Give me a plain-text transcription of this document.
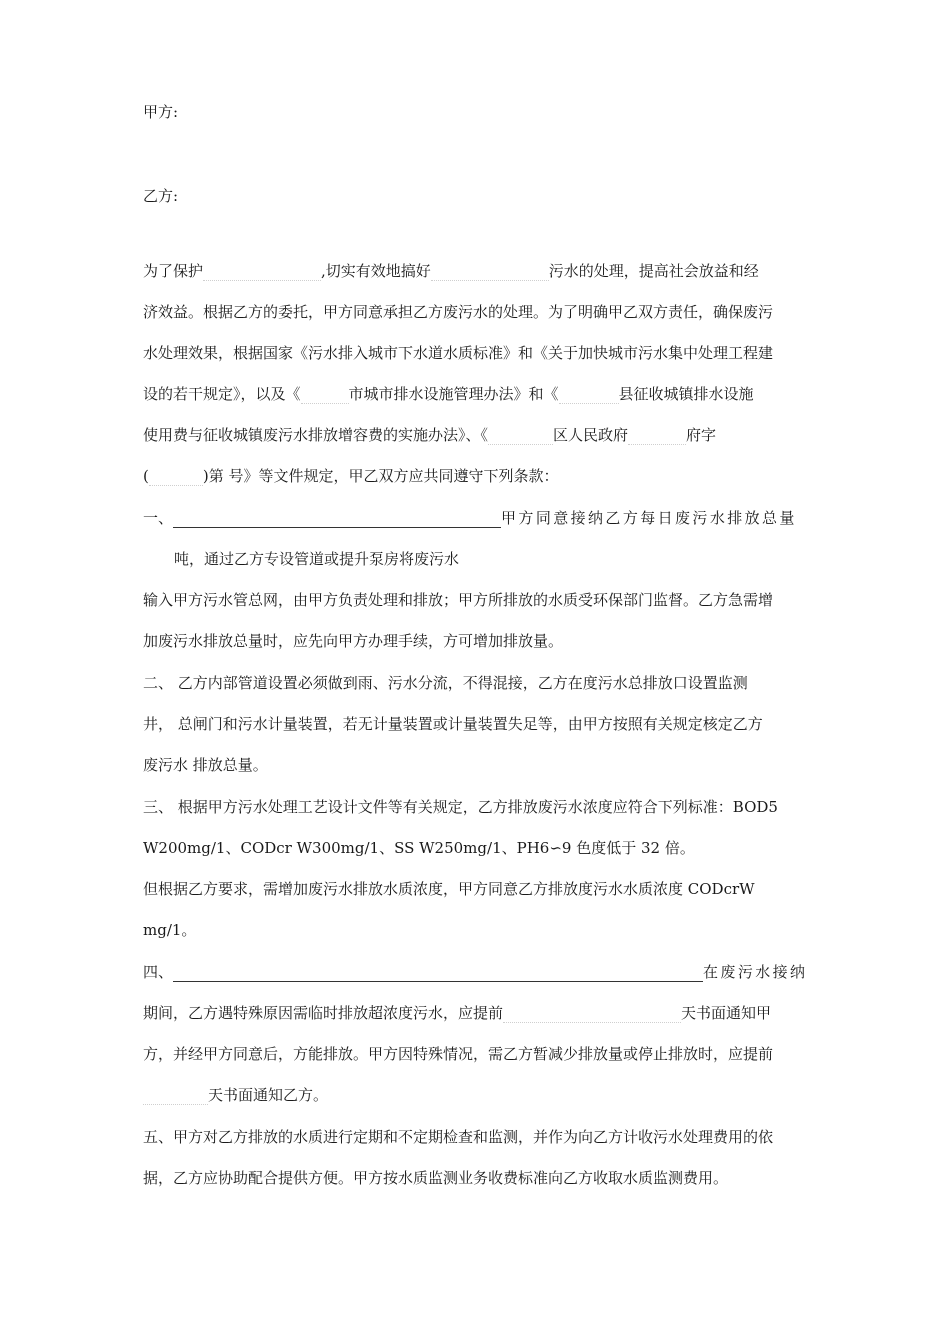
甲方:
乙方:
为了保护	,切实有效地搞好	污水的处理，提高社会放益和经
济效益。根据乙方的委托，甲方同意承担乙方废污水的处理。为了明确甲乙双方责任，确保废污
水处理效果，根据国家《污水排入城市下水道水质标准》和《关于加快城市污水集中处理工程建
设的若干规定》，以及《	市城市排水设施管理办法》和《	县征收城镇排水设施
使用费与征收城镇废污水排放增容费的实施办法》、《	区人民政府	府字
(	)第 号》等文件规定，甲乙双方应共同遵守下列条款：
一、	甲方同意接纳乙方每日废污水排放总量
吨，通过乙方专设管道或提升泵房将废污水
输入甲方污水管总网，由甲方负责处理和排放；甲方所排放的水质受环保部门监督。乙方急需增
加废污水排放总量时，应先向甲方办理手续，方可增加排放量。
二、 乙方内部管道设置必须做到雨、污水分流，不得混接，乙方在度污水总排放口设置监测
井， 总闸门和污水计量装置，若无计量装置或计量装置失足等，由甲方按照有关规定核定乙方
废污水 排放总量。
三、 根据甲方污水处理工艺设计文件等有关规定，乙方排放废污水浓度应符合下列标准：BOD5
W200mg/1、CODcr W300mg/1、SS W250mg/1、PH6∽9 色度低于 32 倍。
但根据乙方要求，需增加废污水排放水质浓度，甲方同意乙方排放度污水水质浓度 CODcrW
mg/1。
四、	在废污水接纳
期间，乙方遇特殊原因需临时排放超浓度污水，应提前	天书面通知甲
方，并经甲方同意后，方能排放。甲方因特殊情况，需乙方暂减少排放量或停止排放时，应提前
天书面通知乙方。
五、甲方对乙方排放的水质进行定期和不定期检查和监测，并作为向乙方计收污水处理费用的依
据，乙方应协助配合提供方便。甲方按水质监测业务收费标准向乙方收取水质监测费用。
